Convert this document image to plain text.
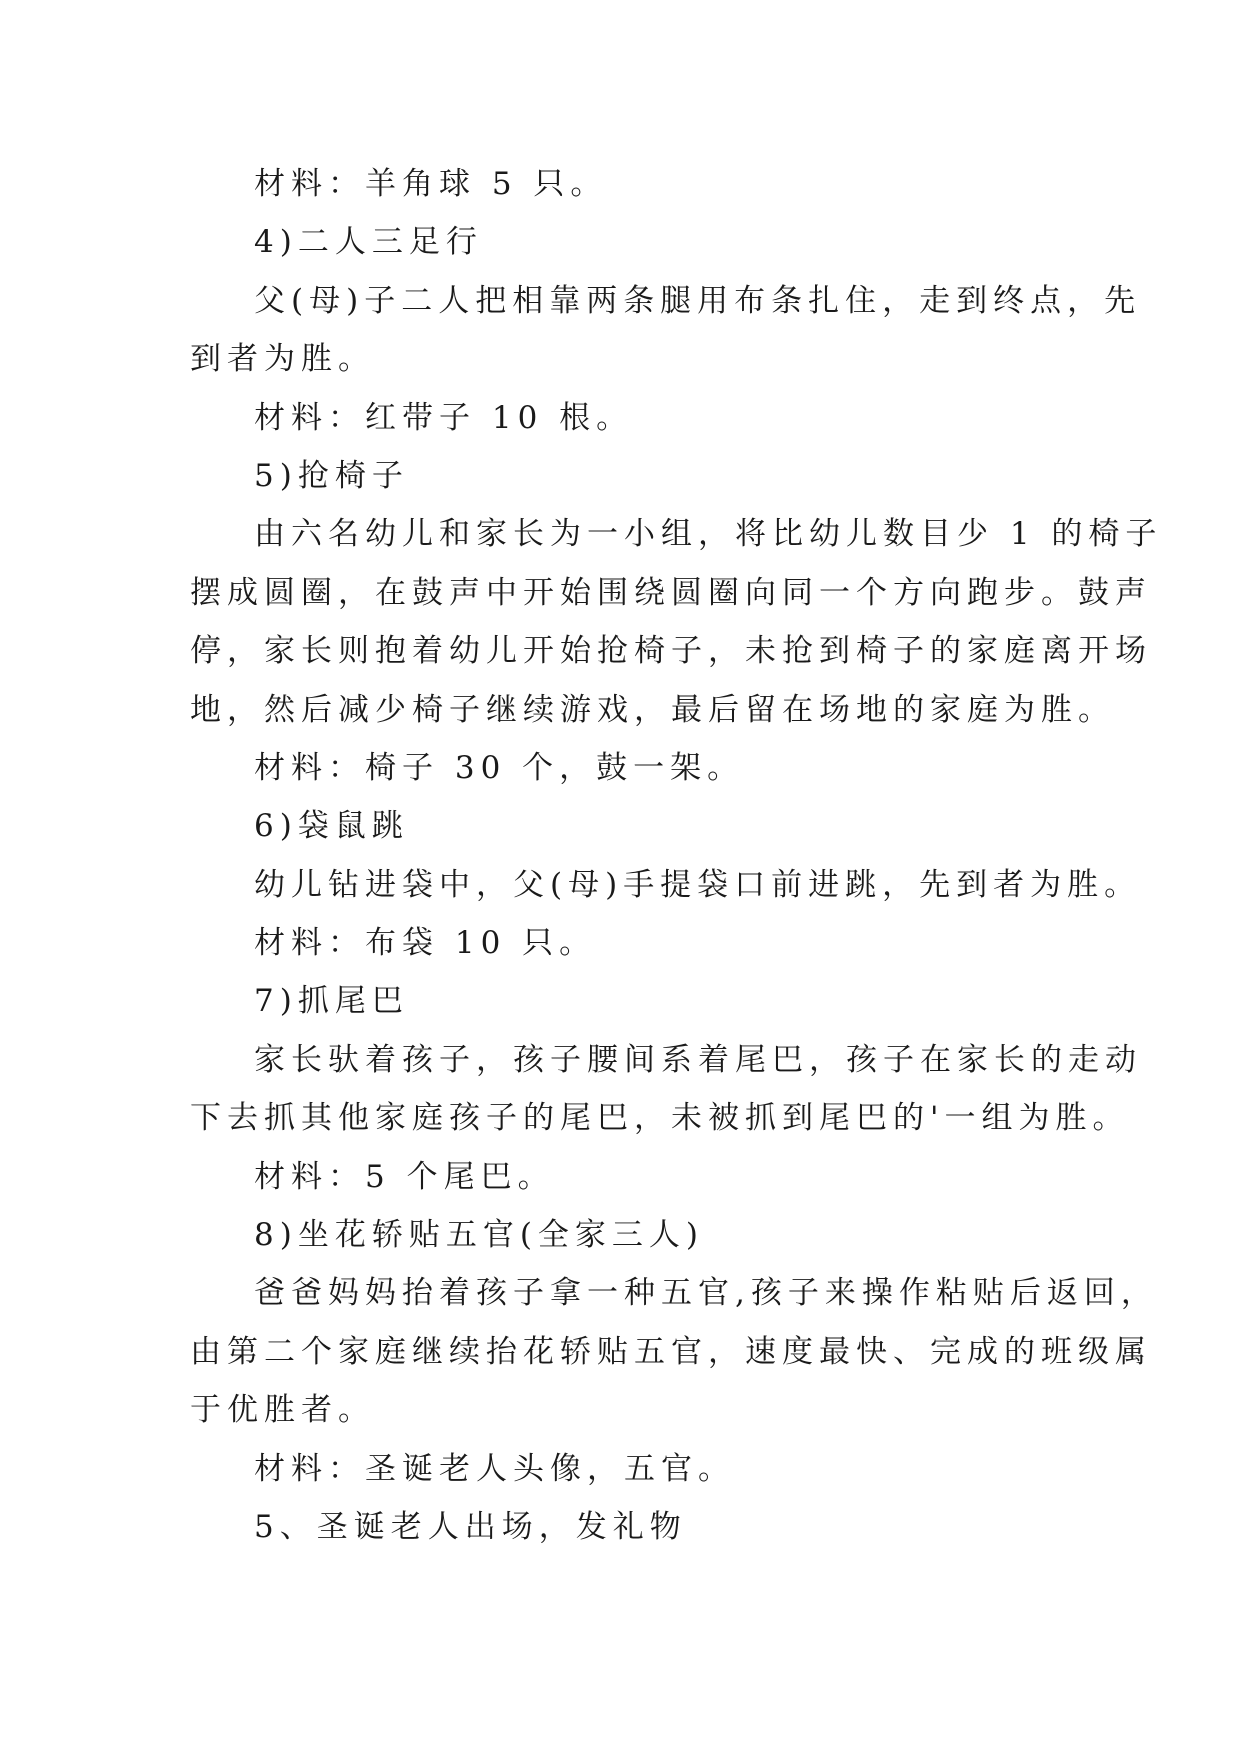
材料：羊角球 5 只。

4)二人三足行

父(母)子二人把相靠两条腿用布条扎住，走到终点，先

到者为胜。

材料：红带子 10 根。

5)抢椅子

由六名幼儿和家长为一小组，将比幼儿数目少 1 的椅子

摆成圆圈，在鼓声中开始围绕圆圈向同一个方向跑步。鼓声

停，家长则抱着幼儿开始抢椅子，未抢到椅子的家庭离开场

地，然后减少椅子继续游戏，最后留在场地的家庭为胜。

材料：椅子 30 个，鼓一架。

6)袋鼠跳

幼儿钻进袋中，父(母)手提袋口前进跳，先到者为胜。

材料：布袋 10 只。

7)抓尾巴

家长驮着孩子，孩子腰间系着尾巴，孩子在家长的走动

下去抓其他家庭孩子的尾巴，未被抓到尾巴的'一组为胜。

材料：5 个尾巴。

8)坐花轿贴五官(全家三人)

爸爸妈妈抬着孩子拿一种五官,孩子来操作粘贴后返回，

由第二个家庭继续抬花轿贴五官，速度最快、完成的班级属

于优胜者。

材料：圣诞老人头像，五官。

5、圣诞老人出场，发礼物
